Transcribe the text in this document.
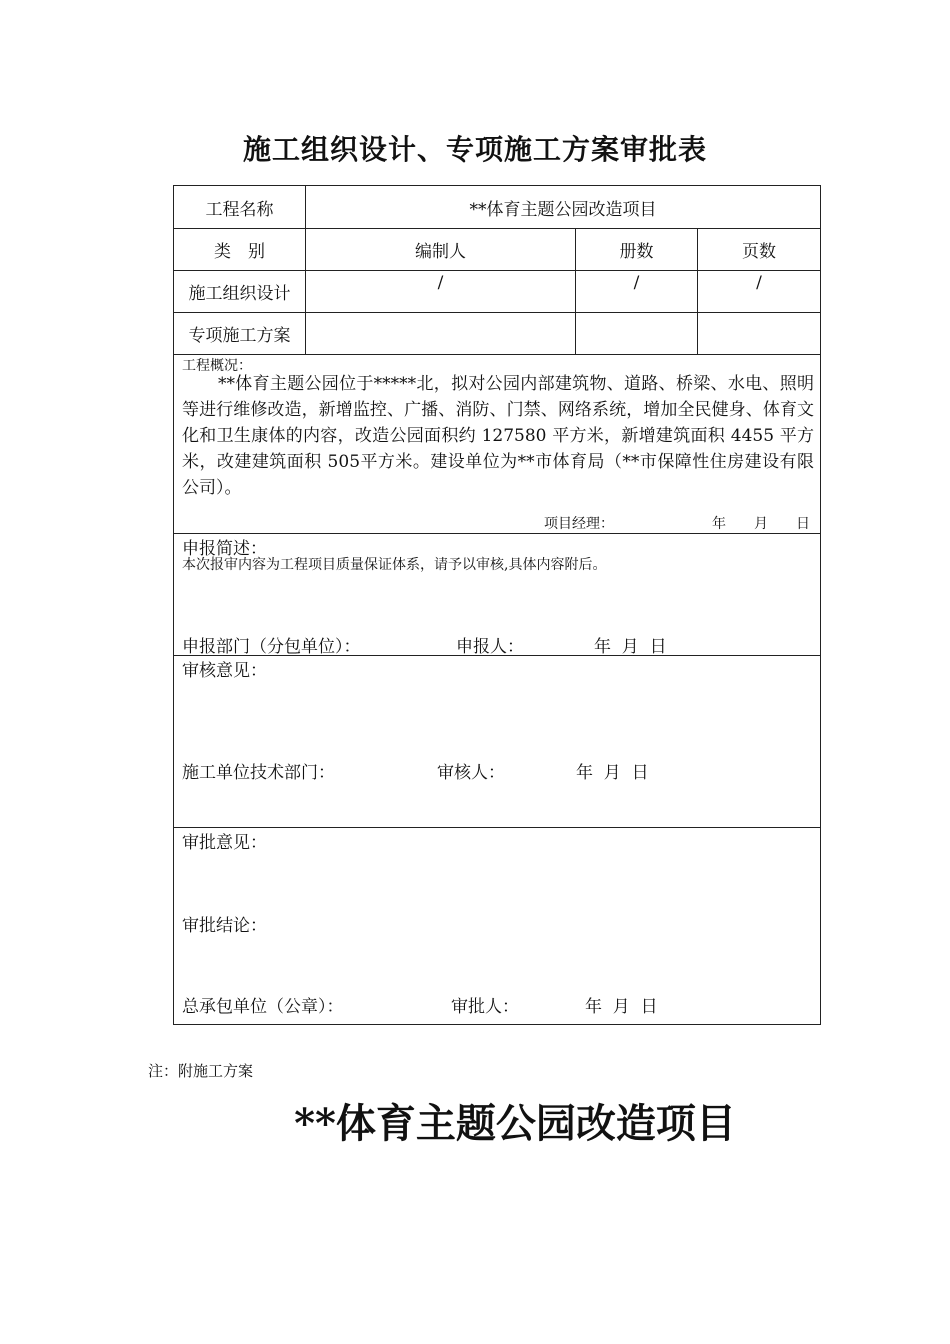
施工组织设计、专项施工方案审批表
工程名称	**体育主题公园改造项目		
类　别	编制人	册数	页数
施工组织设计	/	/	/
专项施工方案			

工程概况：
**体育主题公园位于*****北，拟对公园内部建筑物、道路、桥梁、水电、照明等进行维修改造，新增监控、广播、消防、门禁、网络系统，增加全民健身、体育文化和卫生康体的内容，改造公园面积约 127580 平方米，新增建筑面积 4455 平方米，改建建筑面积 505平方米。建设单位为**市体育局（**市保障性住房建设有限公司）。
项目经理： 年　　月　　日			

申报简述：
本次报审内容为工程项目质量保证体系，请予以审核,具体内容附后。
申报部门（分包单位）： 申报人： 年  月  日			

审核意见：
施工单位技术部门： 审核人： 年  月  日			

审批意见：
审批结论：
总承包单位（公章）： 审批人： 年  月  日			
注：附施工方案
**体育主题公园改造项目
